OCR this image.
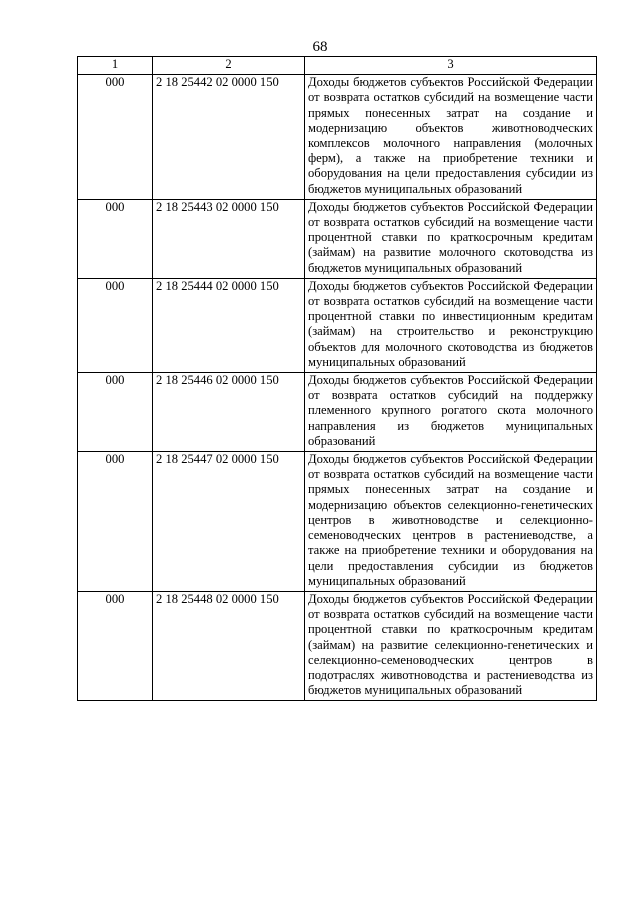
68
1	2	3
000	2 18 25442 02 0000 150	Доходы бюджетов субъектов Российской Федерации от возврата остатков субсидий на возмещение части прямых понесенных затрат на создание и модернизацию объектов животноводческих комплексов молочного направления (молочных ферм), а также на приобретение техники и оборудования на цели предоставления субсидии из бюджетов муниципальных образований
000	2 18 25443 02 0000 150	Доходы бюджетов субъектов Российской Федерации от возврата остатков субсидий на возмещение части процентной ставки по краткосрочным кредитам (займам) на развитие молочного скотоводства из бюджетов муниципальных образований
000	2 18 25444 02 0000 150	Доходы бюджетов субъектов Российской Федерации от возврата остатков субсидий на возмещение части процентной ставки по инвестиционным кредитам (займам) на строительство и реконструкцию объектов для молочного скотоводства из бюджетов муниципальных образований
000	2 18 25446 02 0000 150	Доходы бюджетов субъектов Российской Федерации от возврата остатков субсидий на поддержку племенного крупного рогатого скота молочного направления из бюджетов муниципальных образований
000	2 18 25447 02 0000 150	Доходы бюджетов субъектов Российской Федерации от возврата остатков субсидий на возмещение части прямых понесенных затрат на создание и модернизацию объектов селекционно-генетических центров в животноводстве и селекционно-семеноводческих центров в растениеводстве, а также на приобретение техники и оборудования на цели предоставления субсидии из бюджетов муниципальных образований
000	2 18 25448 02 0000 150	Доходы бюджетов субъектов Российской Федерации от возврата остатков субсидий на возмещение части процентной ставки по краткосрочным кредитам (займам) на развитие селекционно-генетических и селекционно-семеноводческих центров в подотраслях животноводства и растениеводства из бюджетов муниципальных образований
